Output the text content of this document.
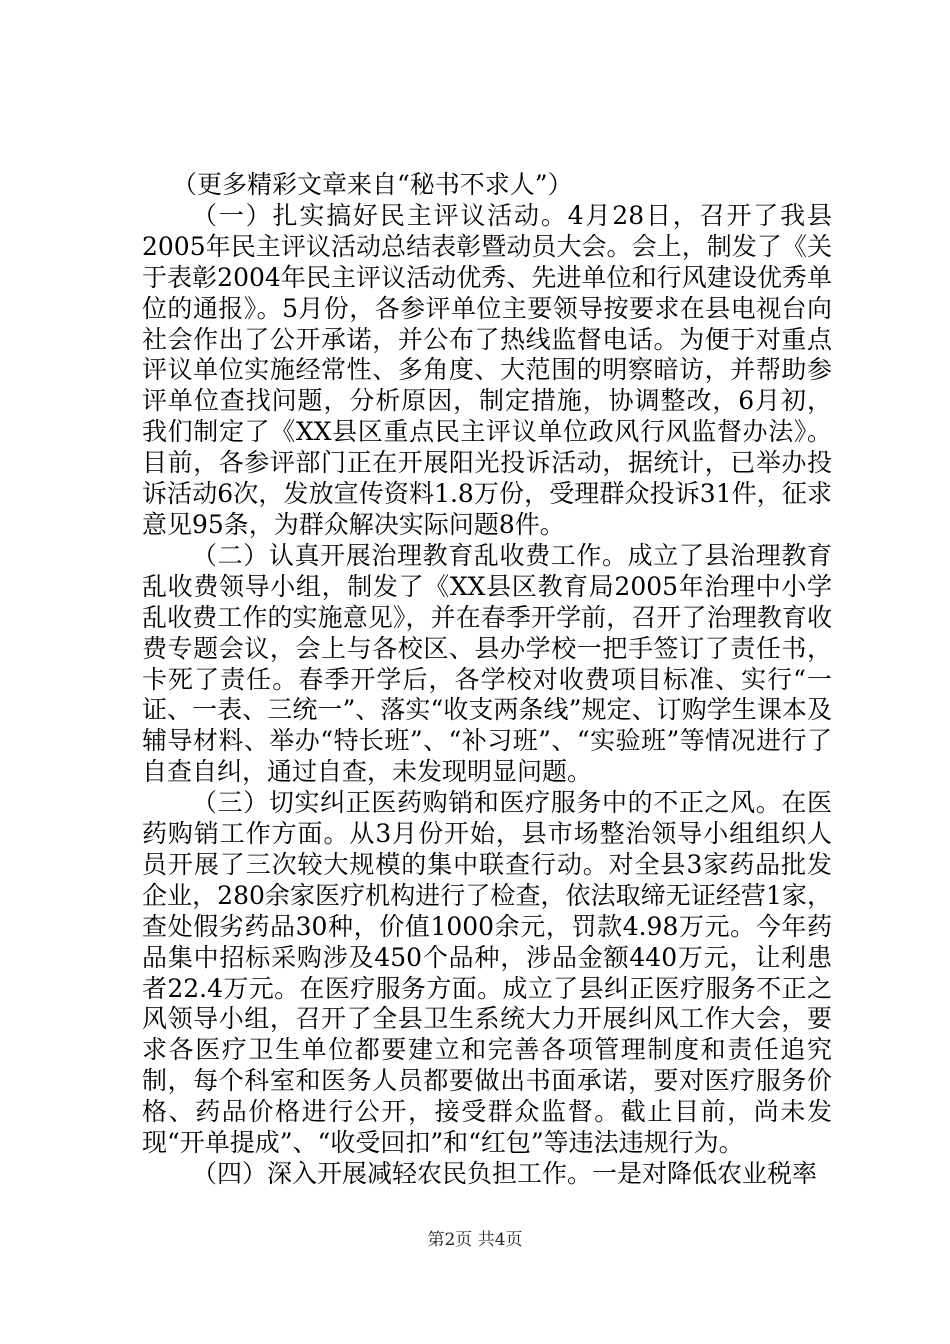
（更多精彩文章来自“秘书不求人”）

（一）扎实搞好民主评议活动。4月28日，召开了我县2005年民主评议活动总结表彰暨动员大会。会上，制发了《关于表彰2004年民主评议活动优秀、先进单位和行风建设优秀单位的通报》。5月份，各参评单位主要领导按要求在县电视台向社会作出了公开承诺，并公布了热线监督电话。为便于对重点评议单位实施经常性、多角度、大范围的明察暗访，并帮助参评单位查找问题，分析原因，制定措施，协调整改，6月初，我们制定了《XX县区重点民主评议单位政风行风监督办法》。目前，各参评部门正在开展阳光投诉活动，据统计，已举办投诉活动6次，发放宣传资料1.8万份，受理群众投诉31件，征求意见95条，为群众解决实际问题8件。

（二）认真开展治理教育乱收费工作。成立了县治理教育乱收费领导小组，制发了《XX县区教育局2005年治理中小学乱收费工作的实施意见》，并在春季开学前，召开了治理教育收费专题会议，会上与各校区、县办学校一把手签订了责任书，卡死了责任。春季开学后，各学校对收费项目标准、实行“一证、一表、三统一”、落实“收支两条线”规定、订购学生课本及辅导材料、举办“特长班”、“补习班”、“实验班”等情况进行了自查自纠，通过自查，未发现明显问题。

（三）切实纠正医药购销和医疗服务中的不正之风。在医药购销工作方面。从3月份开始，县市场整治领导小组组织人员开展了三次较大规模的集中联查行动。对全县3家药品批发企业，280余家医疗机构进行了检查，依法取缔无证经营1家，查处假劣药品30种，价值1000余元，罚款4.98万元。今年药品集中招标采购涉及450个品种，涉品金额440万元，让利患者22.4万元。在医疗服务方面。成立了县纠正医疗服务不正之风领导小组，召开了全县卫生系统大力开展纠风工作大会，要求各医疗卫生单位都要建立和完善各项管理制度和责任追究制，每个科室和医务人员都要做出书面承诺，要对医疗服务价格、药品价格进行公开，接受群众监督。截止目前，尚未发现“开单提成”、“收受回扣”和“红包”等违法违规行为。

（四）深入开展减轻农民负担工作。一是对降低农业税率

第2页 共4页
